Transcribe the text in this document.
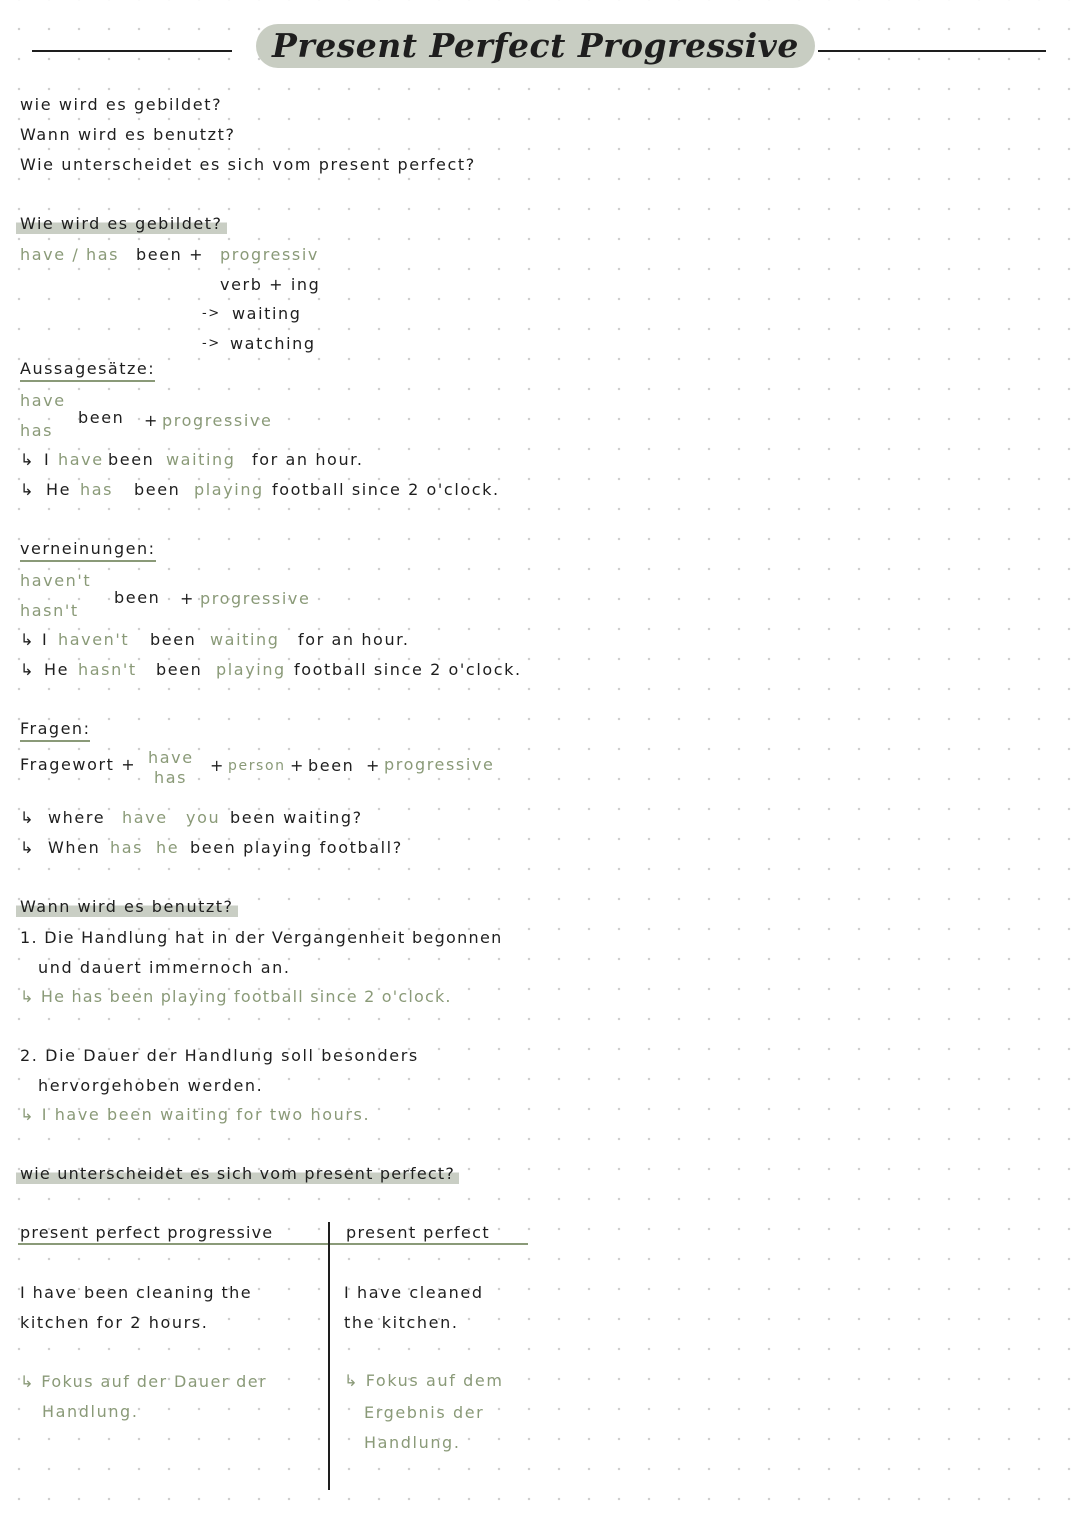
Present Perfect Progressive
wie wird es gebildet?
Wann wird es benutzt?
Wie unterscheidet es sich vom present perfect?
Wie wird es gebildet?
have / has been + progressiv
verb + ing
-> waiting
-> watching
Aussagesätze:
have
has
been + progressive
↳ I have been waiting for an hour.
↳ He has been playing football since 2 o'clock.
verneinungen:
haven't
hasn't
been + progressive
↳ I haven't been waiting for an hour.
↳ He hasn't been playing football since 2 o'clock.
Fragen:
Fragewort + have
has
+ person + been + progressive
↳ where have you been waiting?
↳ When has he been playing football?
Wann wird es benutzt?
1. Die Handlung hat in der Vergangenheit begonnen
und dauert immernoch an.
↳ He has been playing football since 2 o'clock.
2. Die Dauer der Handlung soll besonders
hervorgehoben werden.
↳ I have been waiting for two hours.
wie unterscheidet es sich vom present perfect?
present perfect progressive	present perfect
I have been cleaning the
kitchen for 2 hours.
I have cleaned
the kitchen.
↳ Fokus auf der Dauer der
Handlung.
↳ Fokus auf dem
Ergebnis der
Handlung.
